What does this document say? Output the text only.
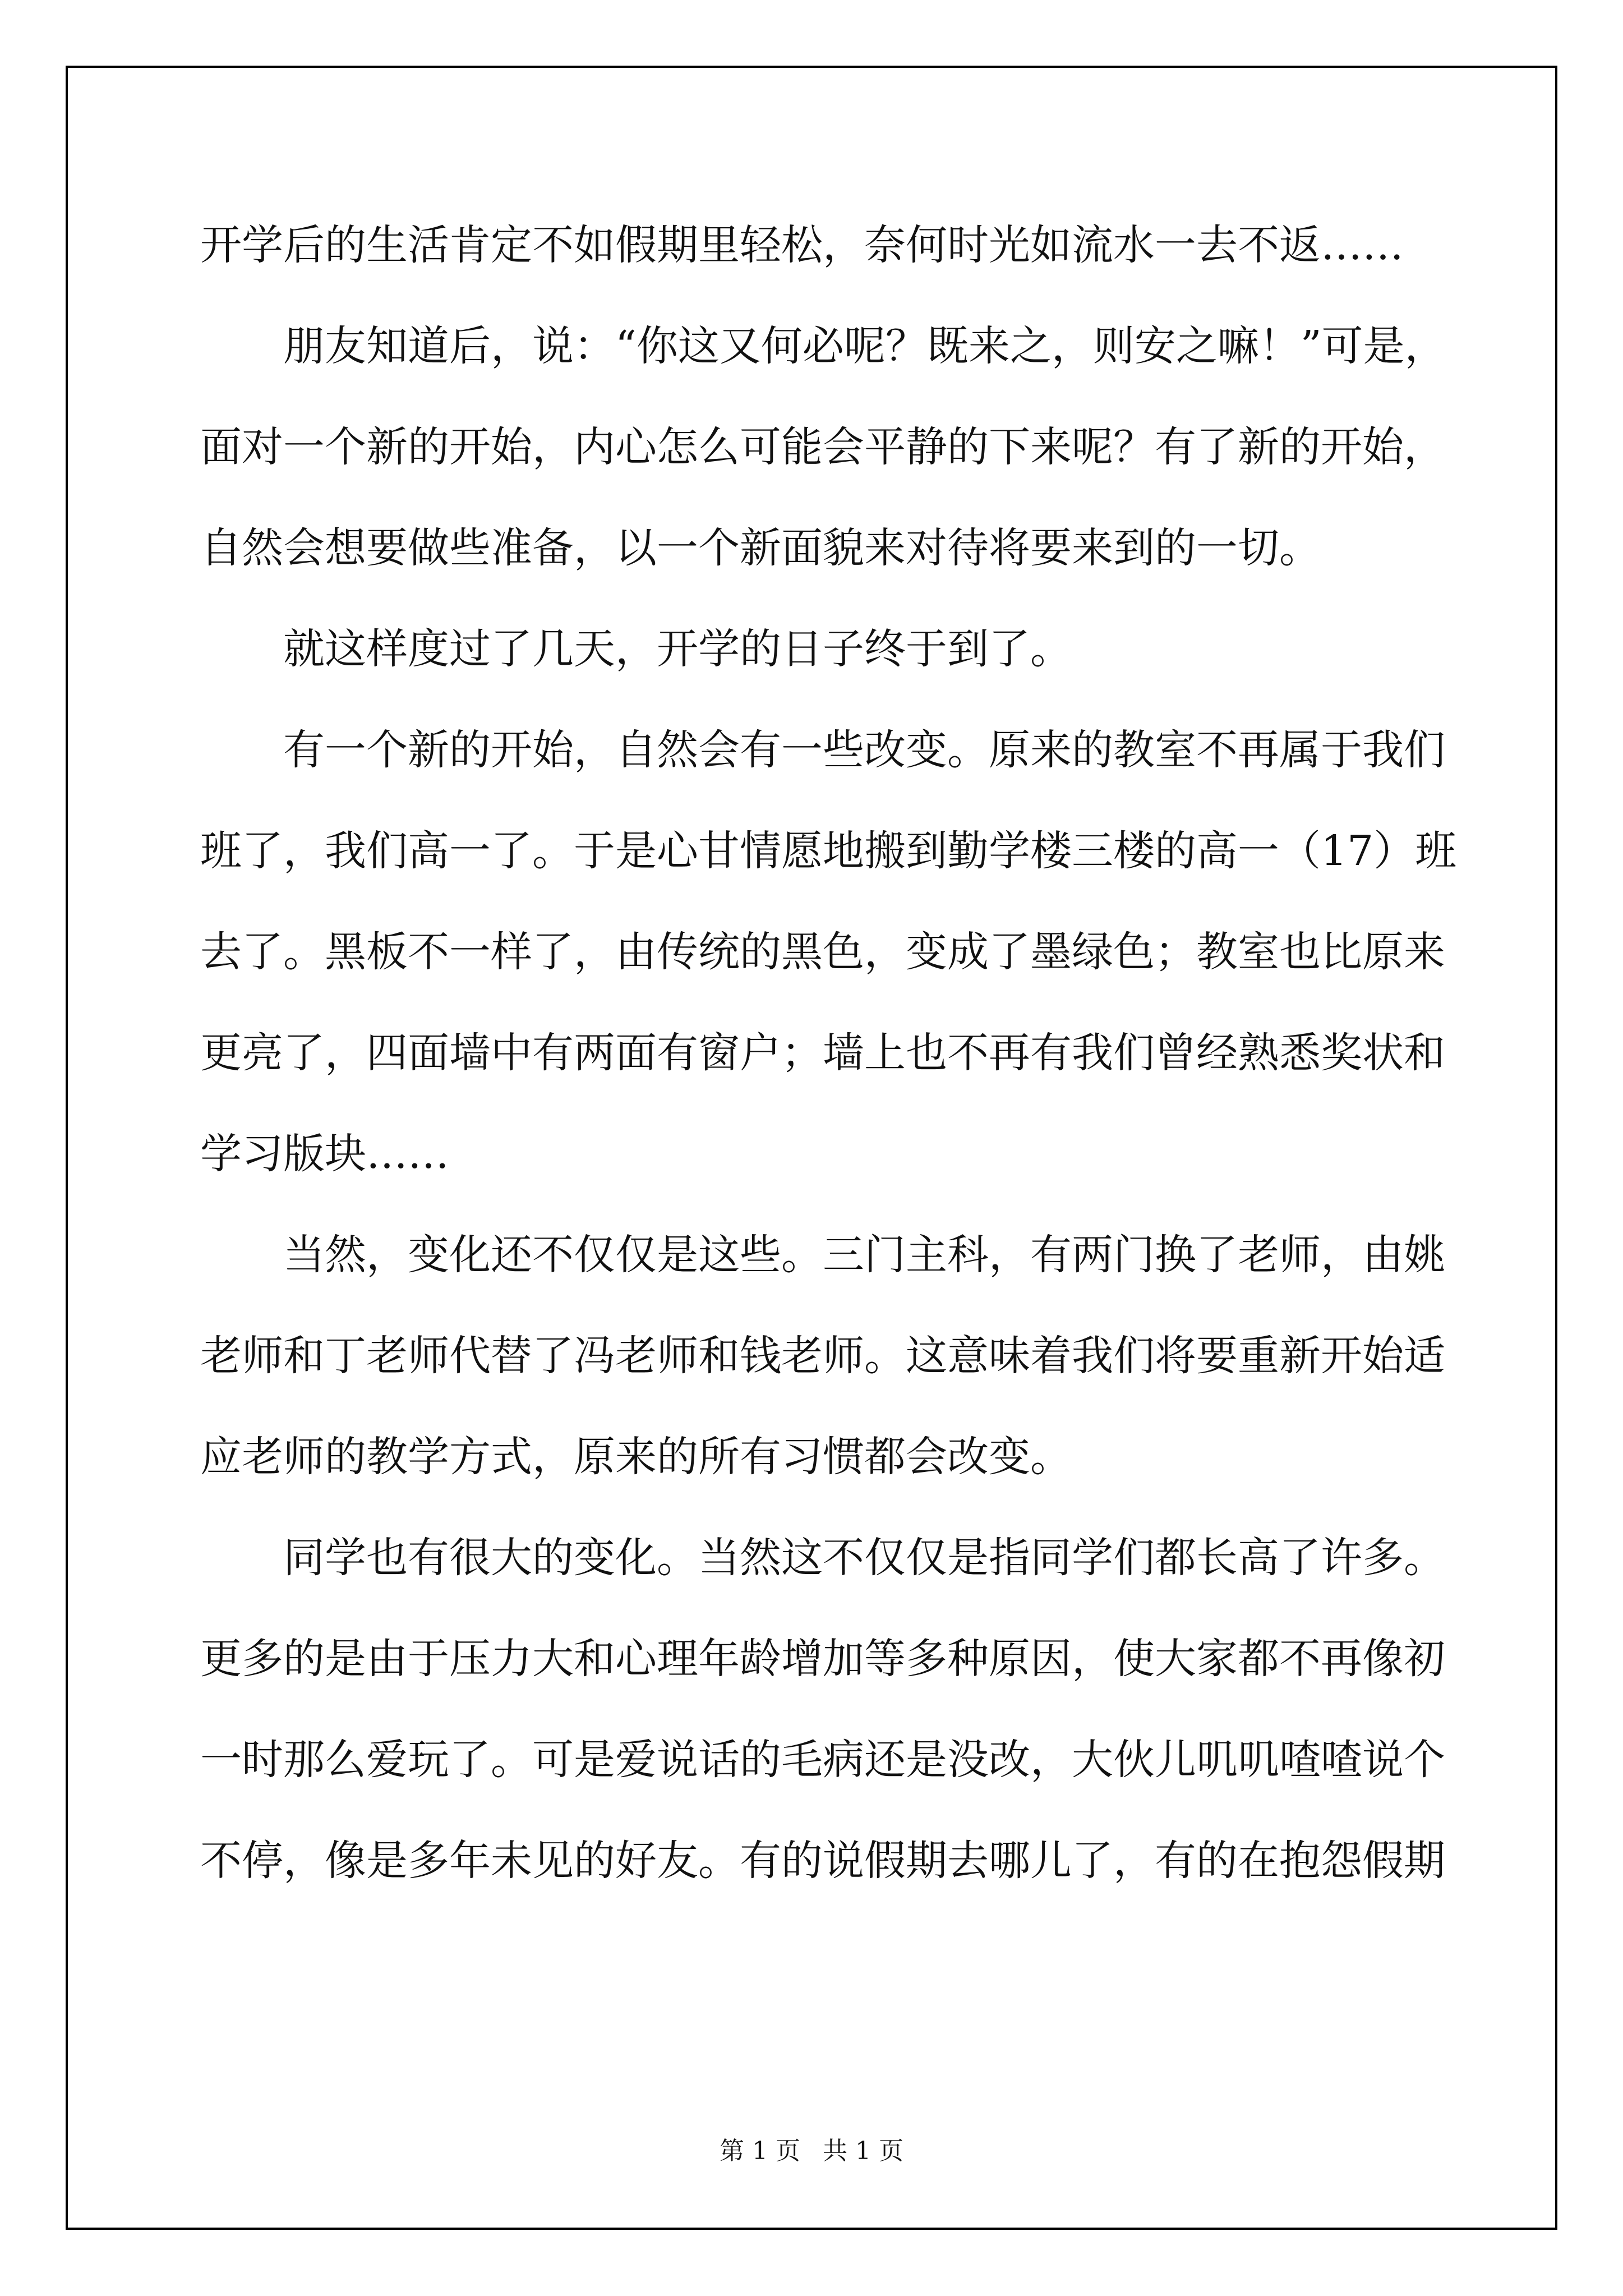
开学后的生活肯定不如假期里轻松，奈何时光如流水一去不返……
朋友知道后，说：“你这又何必呢？既来之，则安之嘛！”可是，
面对一个新的开始，内心怎么可能会平静的下来呢？有了新的开始，
自然会想要做些准备，以一个新面貌来对待将要来到的一切。
就这样度过了几天，开学的日子终于到了。
有一个新的开始，自然会有一些改变。原来的教室不再属于我们
班了，我们高一了。于是心甘情愿地搬到勤学楼三楼的高一（17）班
去了。黑板不一样了，由传统的黑色，变成了墨绿色；教室也比原来
更亮了，四面墙中有两面有窗户；墙上也不再有我们曾经熟悉奖状和
学习版块……
当然，变化还不仅仅是这些。三门主科，有两门换了老师，由姚
老师和丁老师代替了冯老师和钱老师。这意味着我们将要重新开始适
应老师的教学方式，原来的所有习惯都会改变。
同学也有很大的变化。当然这不仅仅是指同学们都长高了许多。
更多的是由于压力大和心理年龄增加等多种原因，使大家都不再像初
一时那么爱玩了。可是爱说话的毛病还是没改，大伙儿叽叽喳喳说个
不停，像是多年未见的好友。有的说假期去哪儿了，有的在抱怨假期
第 1 页 共 1 页
